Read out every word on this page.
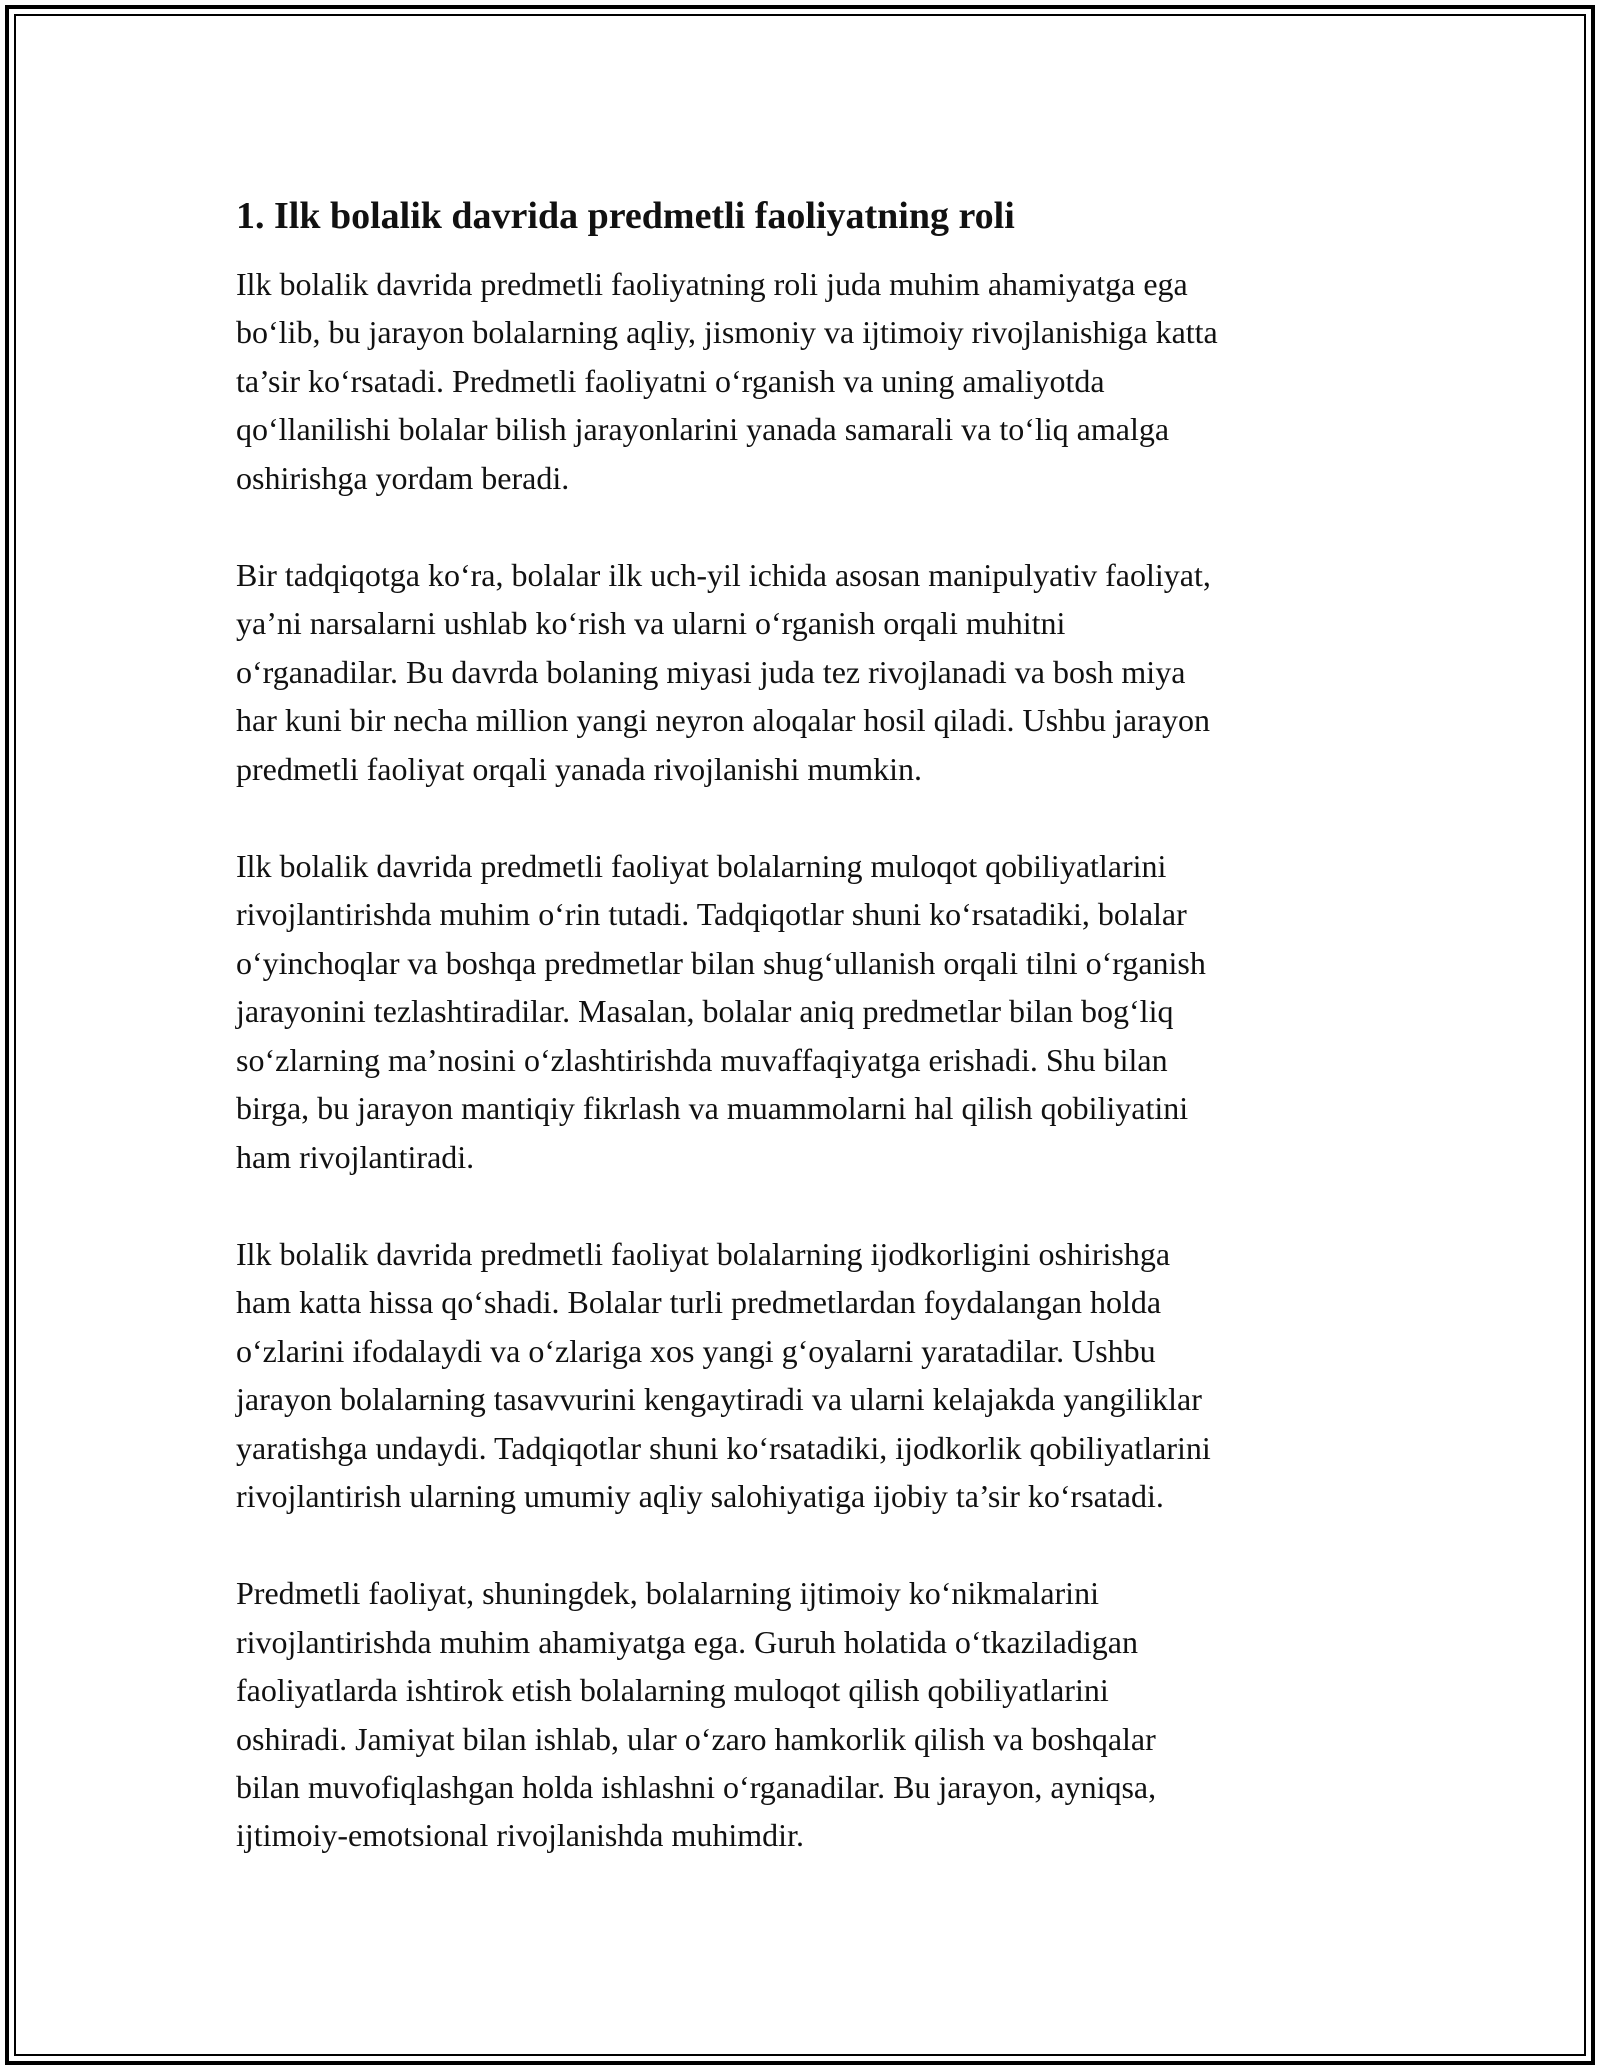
1. Ilk bolalik davrida predmetli faoliyatning roli

Ilk bolalik davrida predmetli faoliyatning roli juda muhim ahamiyatga ega
bo‘lib, bu jarayon bolalarning aqliy, jismoniy va ijtimoiy rivojlanishiga katta
ta’sir ko‘rsatadi. Predmetli faoliyatni o‘rganish va uning amaliyotda
qo‘llanilishi bolalar bilish jarayonlarini yanada samarali va to‘liq amalga
oshirishga yordam beradi.

Bir tadqiqotga ko‘ra, bolalar ilk uch-yil ichida asosan manipulyativ faoliyat,
ya’ni narsalarni ushlab ko‘rish va ularni o‘rganish orqali muhitni
o‘rganadilar. Bu davrda bolaning miyasi juda tez rivojlanadi va bosh miya
har kuni bir necha million yangi neyron aloqalar hosil qiladi. Ushbu jarayon
predmetli faoliyat orqali yanada rivojlanishi mumkin.

Ilk bolalik davrida predmetli faoliyat bolalarning muloqot qobiliyatlarini
rivojlantirishda muhim o‘rin tutadi. Tadqiqotlar shuni ko‘rsatadiki, bolalar
o‘yinchoqlar va boshqa predmetlar bilan shug‘ullanish orqali tilni o‘rganish
jarayonini tezlashtiradilar. Masalan, bolalar aniq predmetlar bilan bog‘liq
so‘zlarning ma’nosini o‘zlashtirishda muvaffaqiyatga erishadi. Shu bilan
birga, bu jarayon mantiqiy fikrlash va muammolarni hal qilish qobiliyatini
ham rivojlantiradi.

Ilk bolalik davrida predmetli faoliyat bolalarning ijodkorligini oshirishga
ham katta hissa qo‘shadi. Bolalar turli predmetlardan foydalangan holda
o‘zlarini ifodalaydi va o‘zlariga xos yangi g‘oyalarni yaratadilar. Ushbu
jarayon bolalarning tasavvurini kengaytiradi va ularni kelajakda yangiliklar
yaratishga undaydi. Tadqiqotlar shuni ko‘rsatadiki, ijodkorlik qobiliyatlarini
rivojlantirish ularning umumiy aqliy salohiyatiga ijobiy ta’sir ko‘rsatadi.

Predmetli faoliyat, shuningdek, bolalarning ijtimoiy ko‘nikmalarini
rivojlantirishda muhim ahamiyatga ega. Guruh holatida o‘tkaziladigan
faoliyatlarda ishtirok etish bolalarning muloqot qilish qobiliyatlarini
oshiradi. Jamiyat bilan ishlab, ular o‘zaro hamkorlik qilish va boshqalar
bilan muvofiqlashgan holda ishlashni o‘rganadilar. Bu jarayon, ayniqsa,
ijtimoiy-emotsional rivojlanishda muhimdir.
